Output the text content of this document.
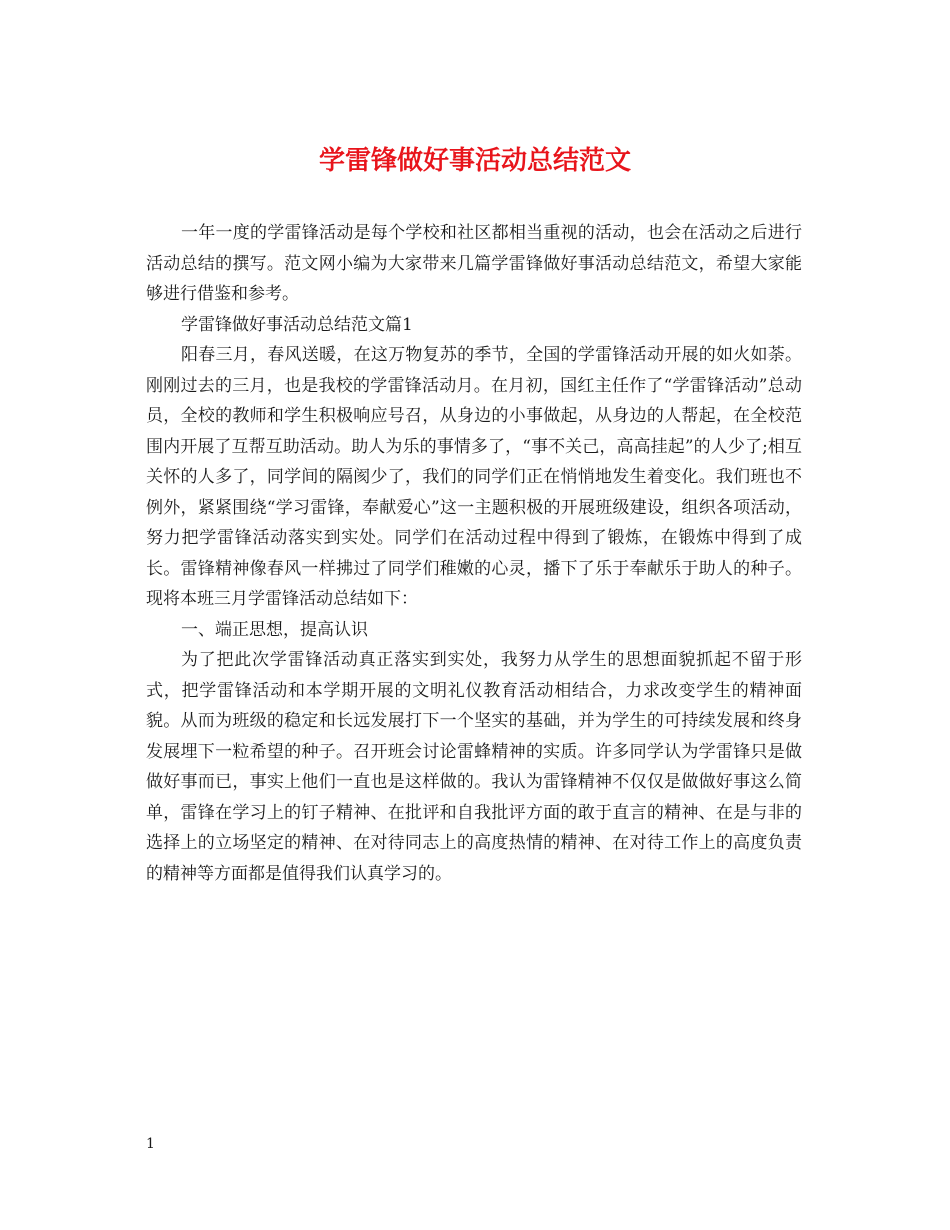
学雷锋做好事活动总结范文

一年一度的学雷锋活动是每个学校和社区都相当重视的活动，也会在活动之后进行活动总结的撰写。范文网小编为大家带来几篇学雷锋做好事活动总结范文，希望大家能够进行借鉴和参考。

学雷锋做好事活动总结范文篇1

阳春三月，春风送暖，在这万物复苏的季节，全国的学雷锋活动开展的如火如荼。刚刚过去的三月，也是我校的学雷锋活动月。在月初，国红主任作了“学雷锋活动”总动员，全校的教师和学生积极响应号召，从身边的小事做起，从身边的人帮起，在全校范围内开展了互帮互助活动。助人为乐的事情多了，“事不关己，高高挂起”的人少了;相互关怀的人多了，同学间的隔阂少了，我们的同学们正在悄悄地发生着变化。我们班也不例外，紧紧围绕“学习雷锋，奉献爱心”这一主题积极的开展班级建设，组织各项活动，努力把学雷锋活动落实到实处。同学们在活动过程中得到了锻炼，在锻炼中得到了成长。雷锋精神像春风一样拂过了同学们稚嫩的心灵，播下了乐于奉献乐于助人的种子。现将本班三月学雷锋活动总结如下：

一、端正思想，提高认识

为了把此次学雷锋活动真正落实到实处，我努力从学生的思想面貌抓起不留于形式，把学雷锋活动和本学期开展的文明礼仪教育活动相结合，力求改变学生的精神面貌。从而为班级的稳定和长远发展打下一个坚实的基础，并为学生的可持续发展和终身发展埋下一粒希望的种子。召开班会讨论雷蜂精神的实质。许多同学认为学雷锋只是做做好事而已，事实上他们一直也是这样做的。我认为雷锋精神不仅仅是做做好事这么简单，雷锋在学习上的钉子精神、在批评和自我批评方面的敢于直言的精神、在是与非的选择上的立场坚定的精神、在对待同志上的高度热情的精神、在对待工作上的高度负责的精神等方面都是值得我们认真学习的。

1
